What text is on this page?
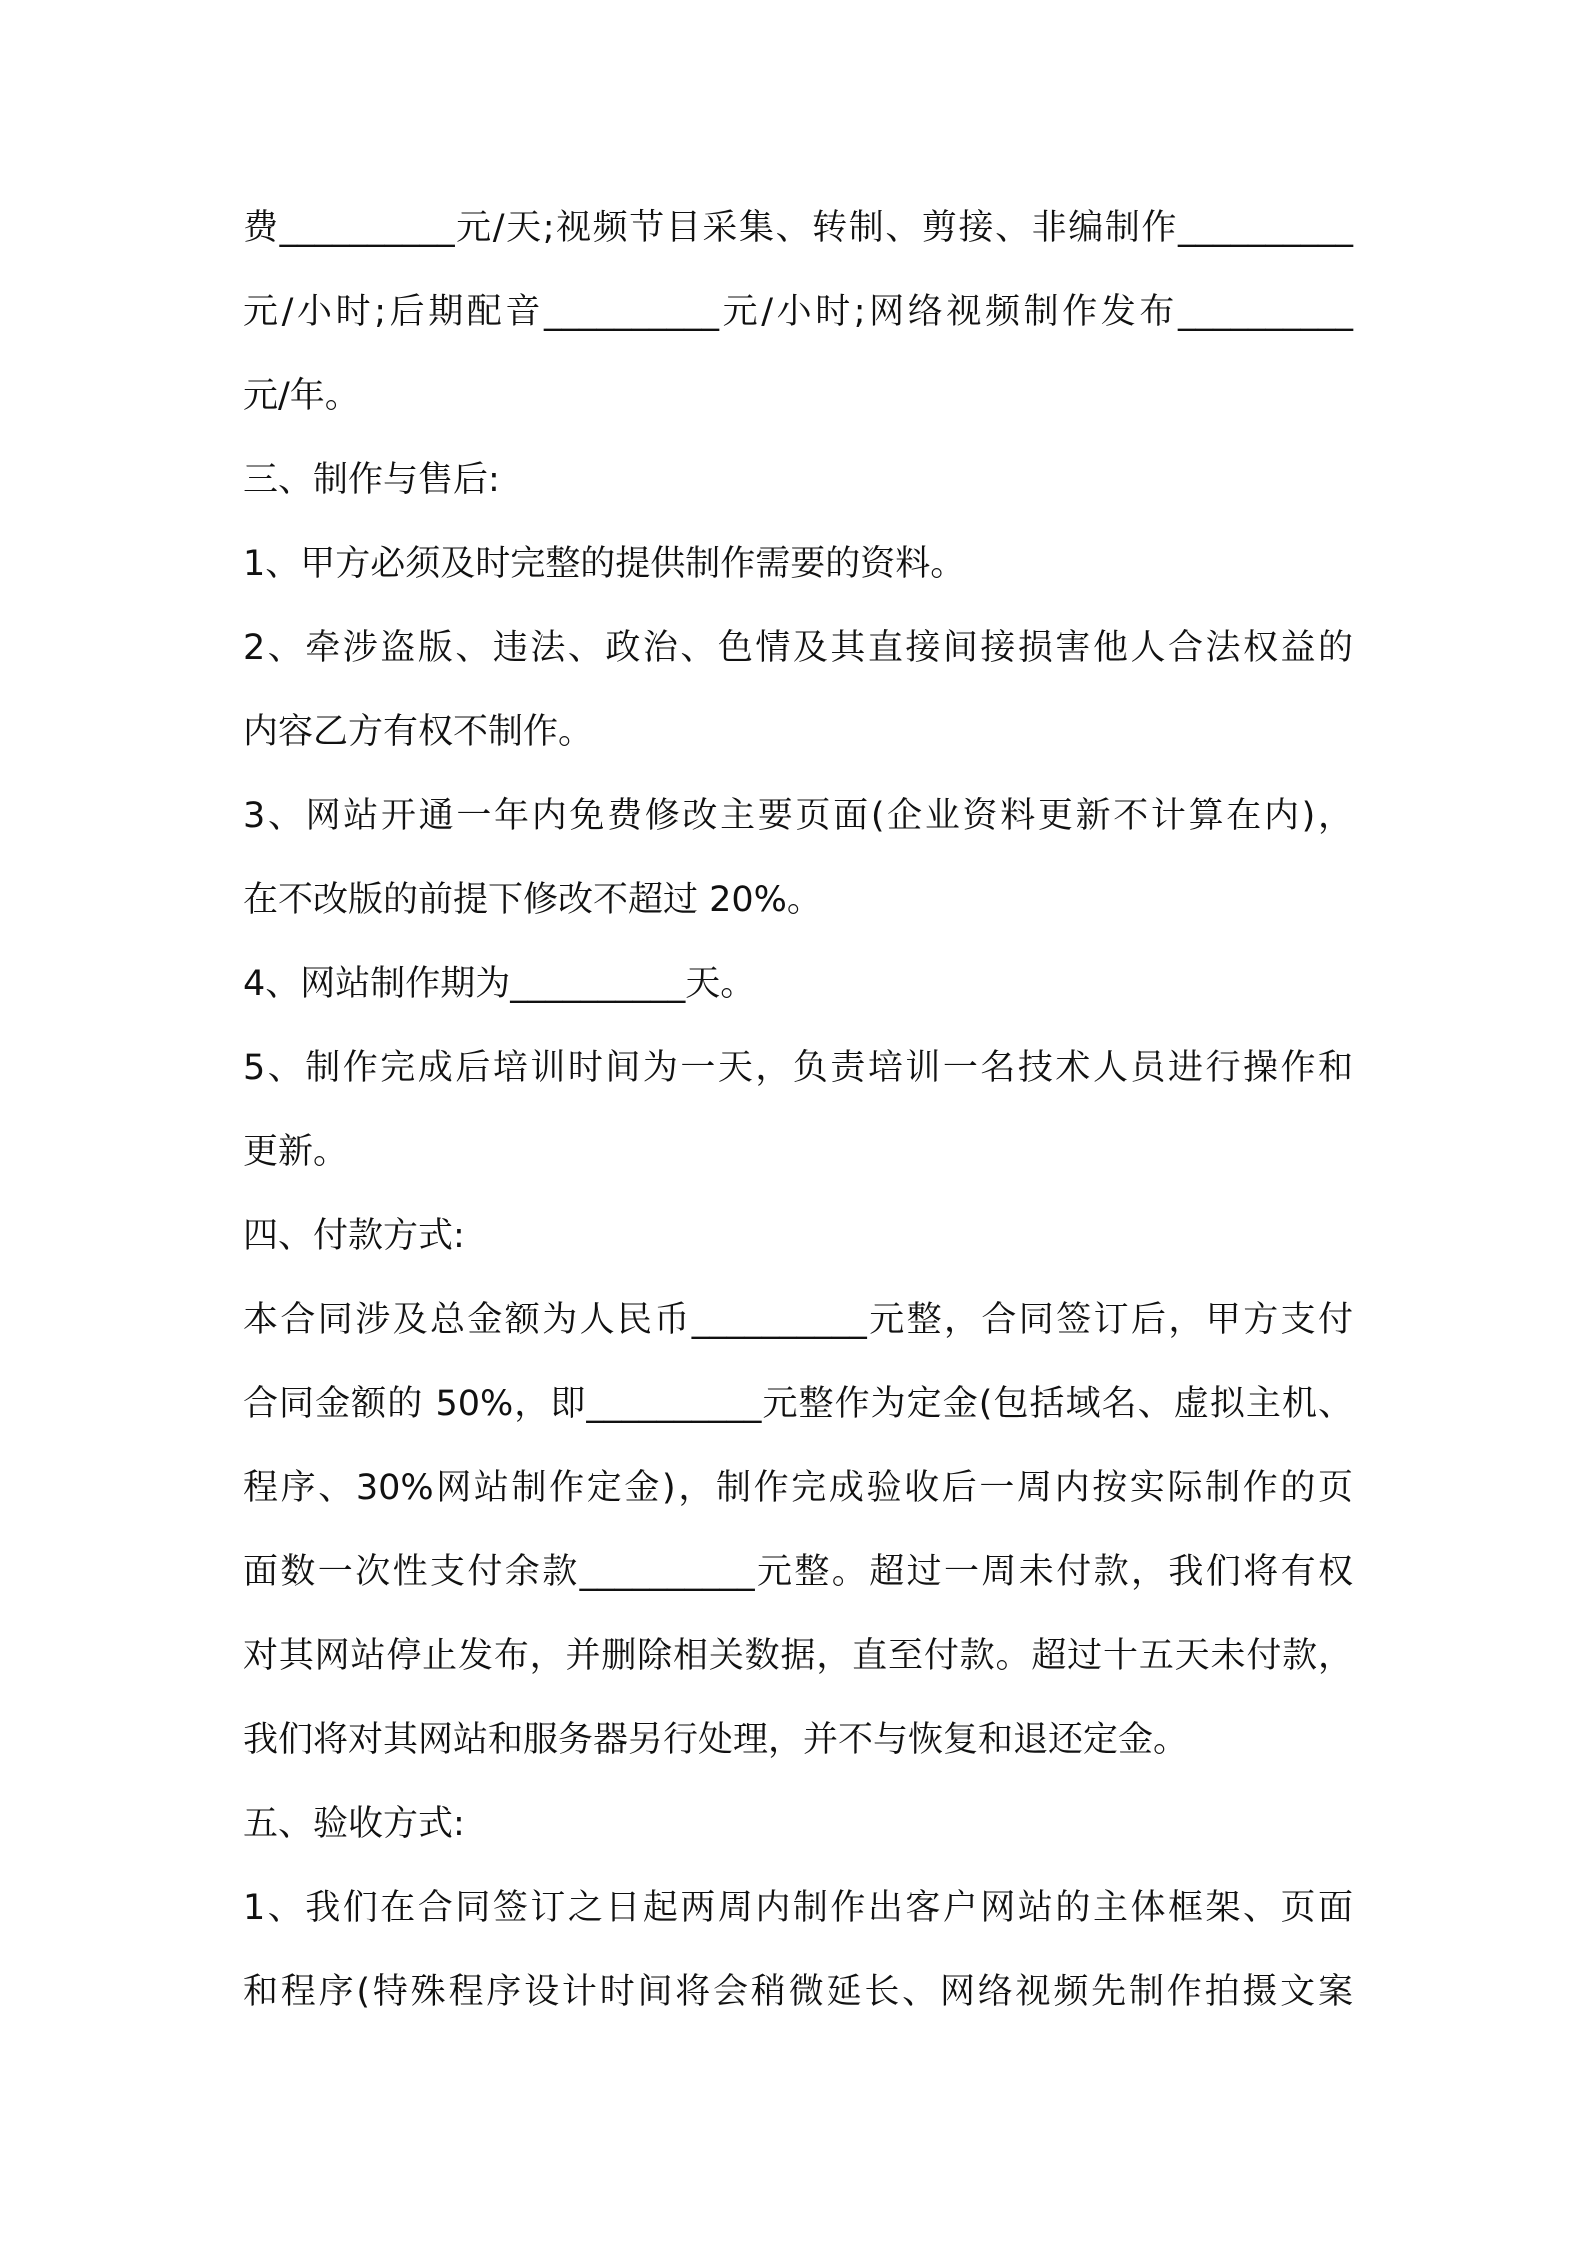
费__________元/天;视频节目采集、转制、剪接、非编制作__________
元/小时;后期配音__________元/小时;网络视频制作发布__________
元/年。
三、制作与售后:
1、甲方必须及时完整的提供制作需要的资料。
2、牵涉盗版、违法、政治、色情及其直接间接损害他人合法权益的
内容乙方有权不制作。
3、网站开通一年内免费修改主要页面(企业资料更新不计算在内)，
在不改版的前提下修改不超过 20%。
4、网站制作期为__________天。
5、制作完成后培训时间为一天，负责培训一名技术人员进行操作和
更新。
四、付款方式:
本合同涉及总金额为人民币__________元整，合同签订后，甲方支付
合同金额的 50%，即__________元整作为定金(包括域名、虚拟主机、
程序、30%网站制作定金)，制作完成验收后一周内按实际制作的页
面数一次性支付余款__________元整。超过一周未付款，我们将有权
对其网站停止发布，并删除相关数据，直至付款。超过十五天未付款，
我们将对其网站和服务器另行处理，并不与恢复和退还定金。
五、验收方式:
1、我们在合同签订之日起两周内制作出客户网站的主体框架、页面
和程序(特殊程序设计时间将会稍微延长、网络视频先制作拍摄文案
